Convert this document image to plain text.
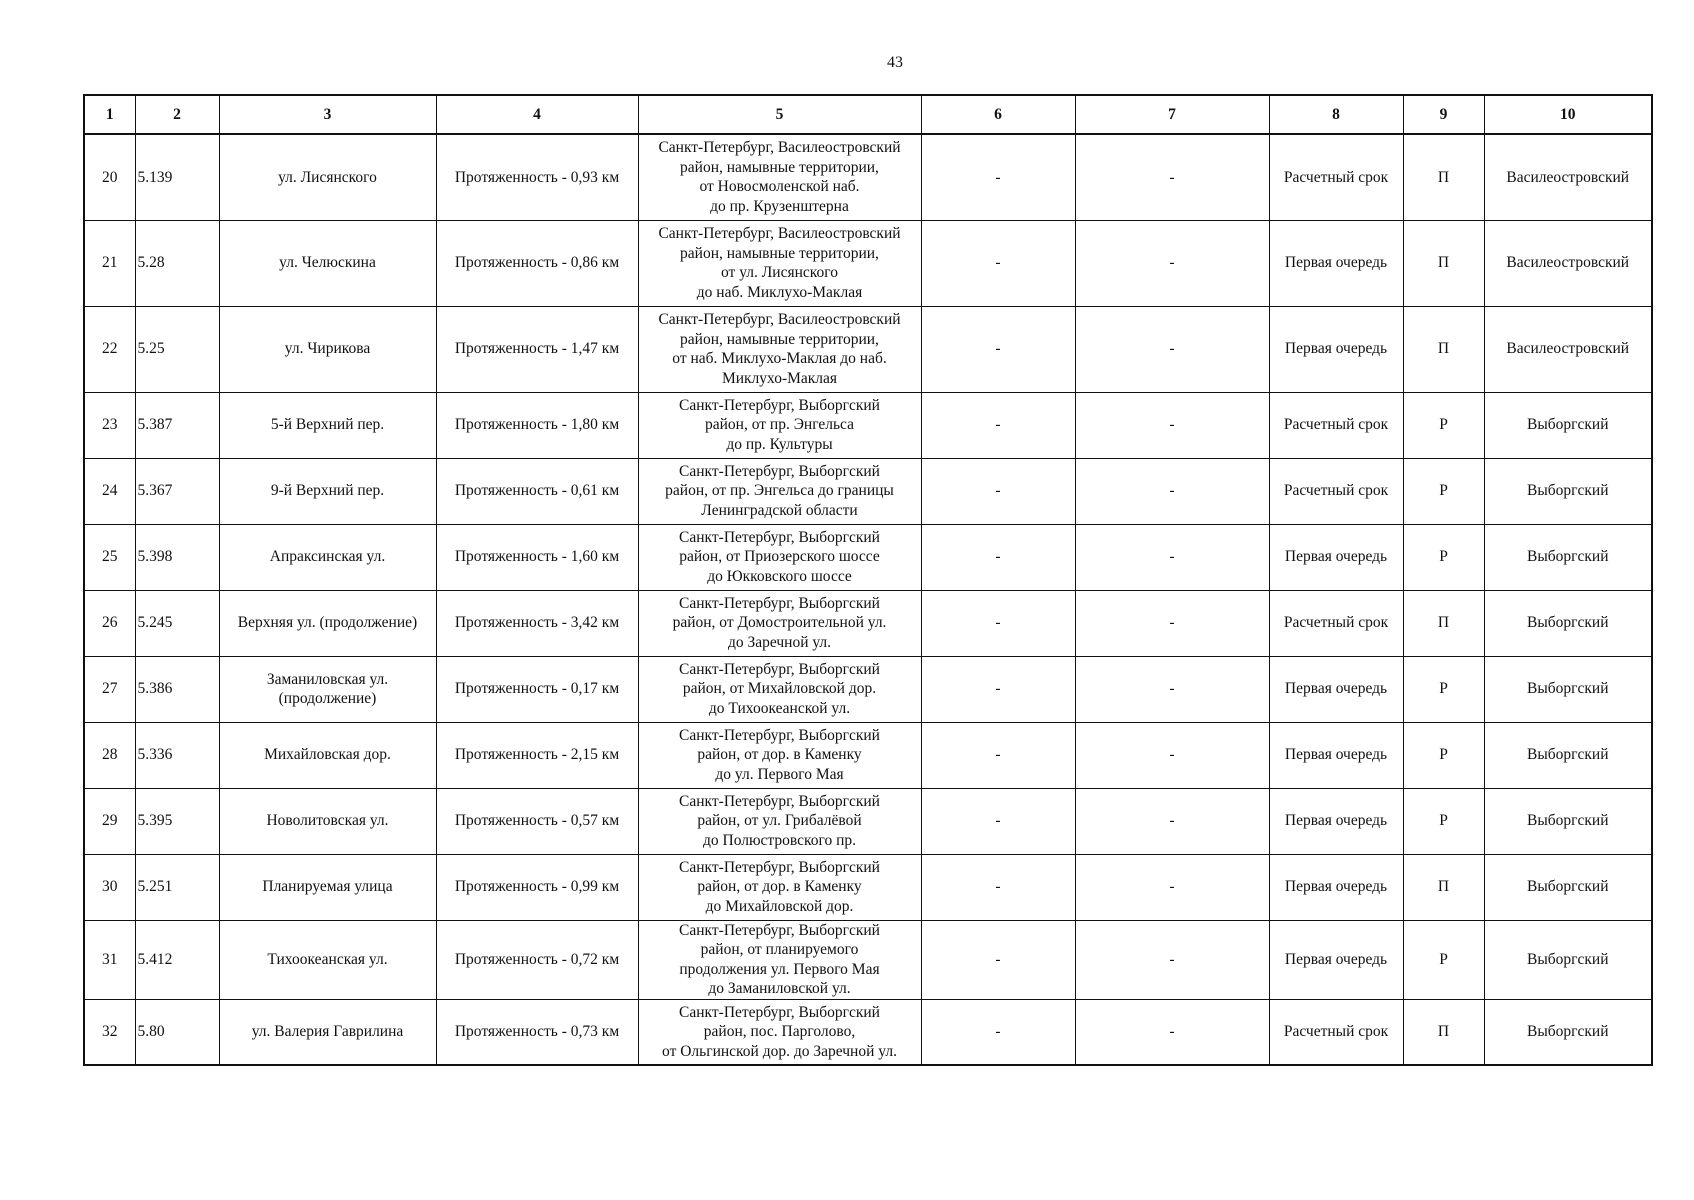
43
1	2	3	4	5	6	7	8	9	10
20	5.139	ул. Лисянского	Протяженность - 0,93 км	Санкт-Петербург, Василеостровский
район, намывные территории,
от Новосмоленской наб.
до пр. Крузенштерна	-	-	Расчетный срок	П	Василеостровский
21	5.28	ул. Челюскина	Протяженность - 0,86 км	Санкт-Петербург, Василеостровский
район, намывные территории,
от ул. Лисянского
до наб. Миклухо-Маклая	-	-	Первая очередь	П	Василеостровский
22	5.25	ул. Чирикова	Протяженность - 1,47 км	Санкт-Петербург, Василеостровский
район, намывные территории,
от наб. Миклухо-Маклая до наб.
Миклухо-Маклая	-	-	Первая очередь	П	Василеостровский
23	5.387	5-й Верхний пер.	Протяженность - 1,80 км	Санкт-Петербург, Выборгский
район, от пр. Энгельса
до пр. Культуры	-	-	Расчетный срок	Р	Выборгский
24	5.367	9-й Верхний пер.	Протяженность - 0,61 км	Санкт-Петербург, Выборгский
район, от пр. Энгельса до границы
Ленинградской области	-	-	Расчетный срок	Р	Выборгский
25	5.398	Апраксинская ул.	Протяженность - 1,60 км	Санкт-Петербург, Выборгский
район, от Приозерского шоссе
до Юкковского шоссе	-	-	Первая очередь	Р	Выборгский
26	5.245	Верхняя ул. (продолжение)	Протяженность - 3,42 км	Санкт-Петербург, Выборгский
район, от Домостроительной ул.
до Заречной ул.	-	-	Расчетный срок	П	Выборгский
27	5.386	Заманиловская ул. (продолжение)	Протяженность - 0,17 км	Санкт-Петербург, Выборгский
район, от Михайловской дор.
до Тихоокеанской ул.	-	-	Первая очередь	Р	Выборгский
28	5.336	Михайловская дор.	Протяженность - 2,15 км	Санкт-Петербург, Выборгский
район, от дор. в Каменку
до ул. Первого Мая	-	-	Первая очередь	Р	Выборгский
29	5.395	Новолитовская ул.	Протяженность - 0,57 км	Санкт-Петербург, Выборгский
район, от ул. Грибалёвой
до Полюстровского пр.	-	-	Первая очередь	Р	Выборгский
30	5.251	Планируемая улица	Протяженность - 0,99 км	Санкт-Петербург, Выборгский
район, от дор. в Каменку
до Михайловской дор.	-	-	Первая очередь	П	Выборгский
31	5.412	Тихоокеанская ул.	Протяженность - 0,72 км	Санкт-Петербург, Выборгский
район, от планируемого
продолжения ул. Первого Мая
до Заманиловской ул.	-	-	Первая очередь	Р	Выборгский
32	5.80	ул. Валерия Гаврилина	Протяженность - 0,73 км	Санкт-Петербург, Выборгский
район, пос. Парголово,
от Ольгинской дор. до Заречной ул.	-	-	Расчетный срок	П	Выборгский
